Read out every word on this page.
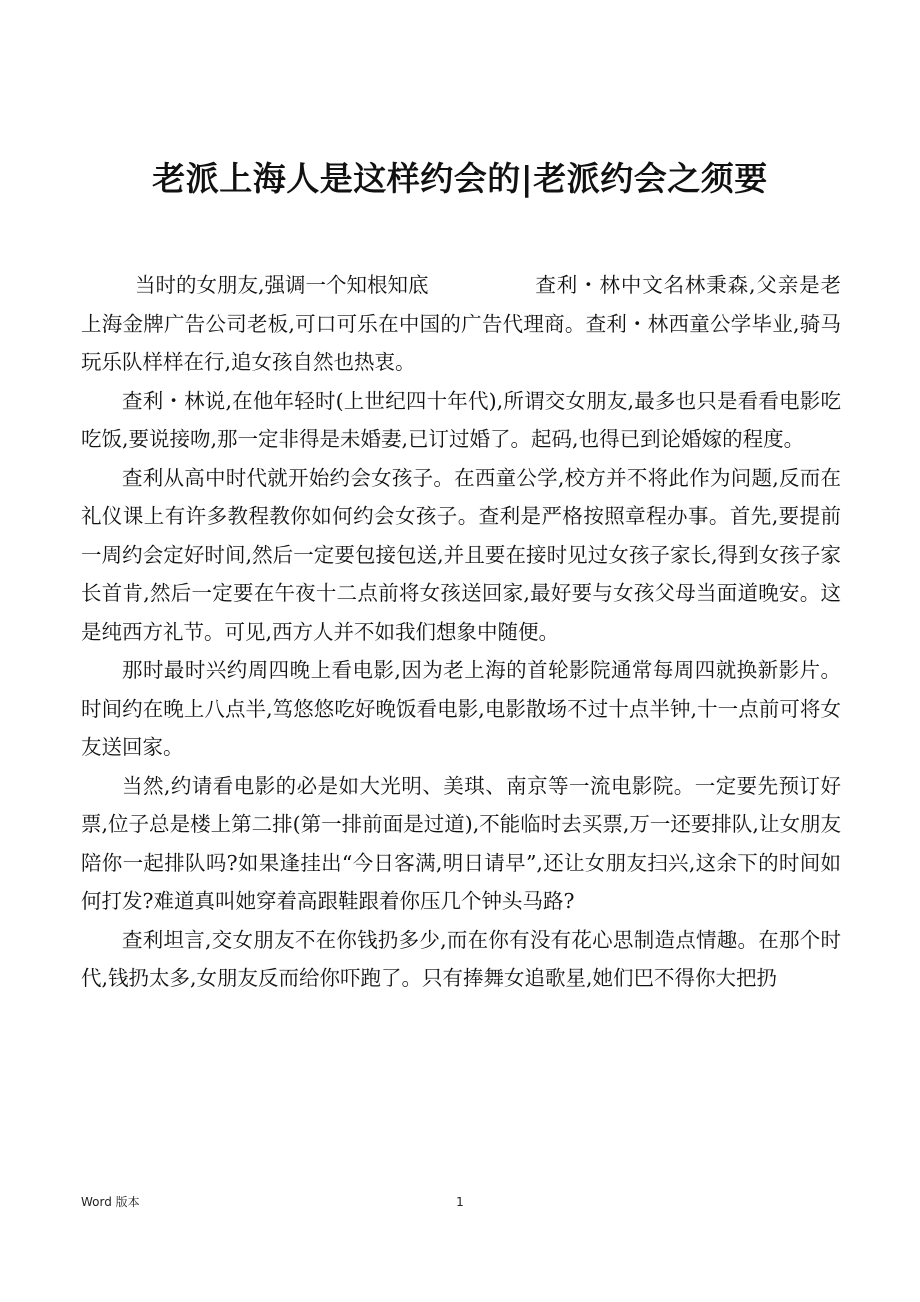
老派上海人是这样约会的|老派约会之须要

当时的女朋友,强调一个知根知底	查利・林中文名林秉森,父亲是老上海金牌广告公司老板,可口可乐在中国的广告代理商。查利・林西童公学毕业,骑马玩乐队样样在行,追女孩自然也热衷。

查利・林说,在他年轻时(上世纪四十年代),所谓交女朋友,最多也只是看看电影吃吃饭,要说接吻,那一定非得是未婚妻,已订过婚了。起码,也得已到论婚嫁的程度。

查利从高中时代就开始约会女孩子。在西童公学,校方并不将此作为问题,反而在礼仪课上有许多教程教你如何约会女孩子。查利是严格按照章程办事。首先,要提前一周约会定好时间,然后一定要包接包送,并且要在接时见过女孩子家长,得到女孩子家长首肯,然后一定要在午夜十二点前将女孩送回家,最好要与女孩父母当面道晚安。这是纯西方礼节。可见,西方人并不如我们想象中随便。

那时最时兴约周四晚上看电影,因为老上海的首轮影院通常每周四就换新影片。时间约在晚上八点半,笃悠悠吃好晚饭看电影,电影散场不过十点半钟,十一点前可将女友送回家。

当然,约请看电影的必是如大光明、美琪、南京等一流电影院。一定要先预订好票,位子总是楼上第二排(第一排前面是过道),不能临时去买票,万一还要排队,让女朋友陪你一起排队吗?如果逢挂出“今日客满,明日请早”,还让女朋友扫兴,这余下的时间如何打发?难道真叫她穿着高跟鞋跟着你压几个钟头马路?

查利坦言,交女朋友不在你钱扔多少,而在你有没有花心思制造点情趣。在那个时代,钱扔太多,女朋友反而给你吓跑了。只有捧舞女追歌星,她们巴不得你大把扔

Word 版本	1
